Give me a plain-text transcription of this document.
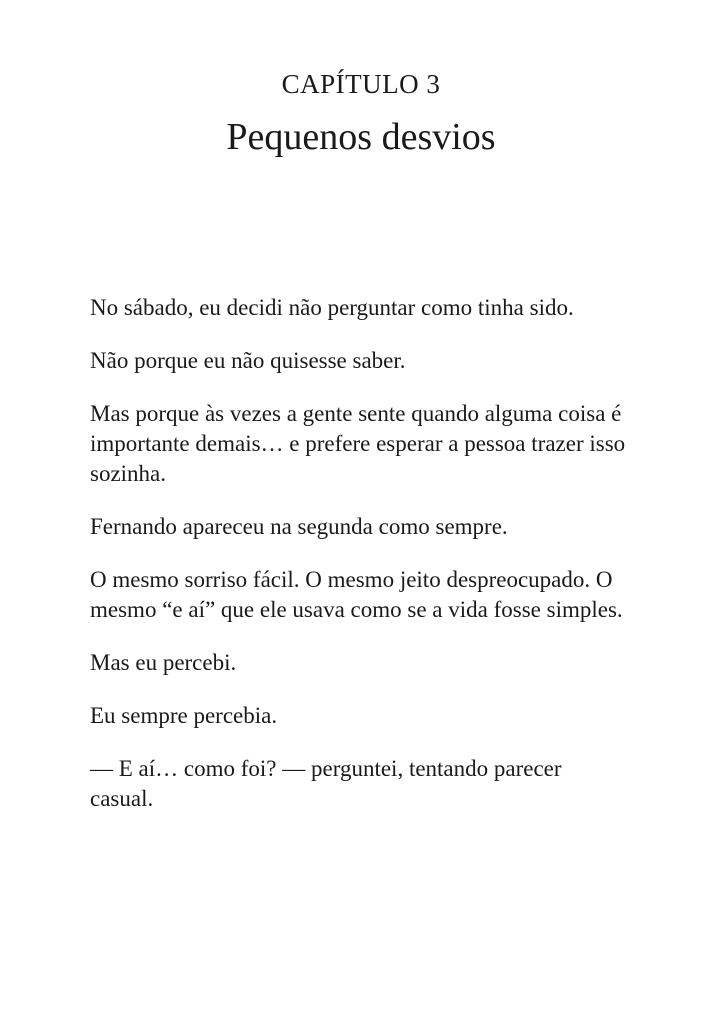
CAPÍTULO 3
Pequenos desvios

No sábado, eu decidi não perguntar como tinha sido.

Não porque eu não quisesse saber.

Mas porque às vezes a gente sente quando alguma coisa é importante demais… e prefere esperar a pessoa trazer isso sozinha.

Fernando apareceu na segunda como sempre.

O mesmo sorriso fácil. O mesmo jeito despreocupado. O mesmo “e aí” que ele usava como se a vida fosse simples.

Mas eu percebi.

Eu sempre percebia.

— E aí… como foi? — perguntei, tentando parecer casual.
